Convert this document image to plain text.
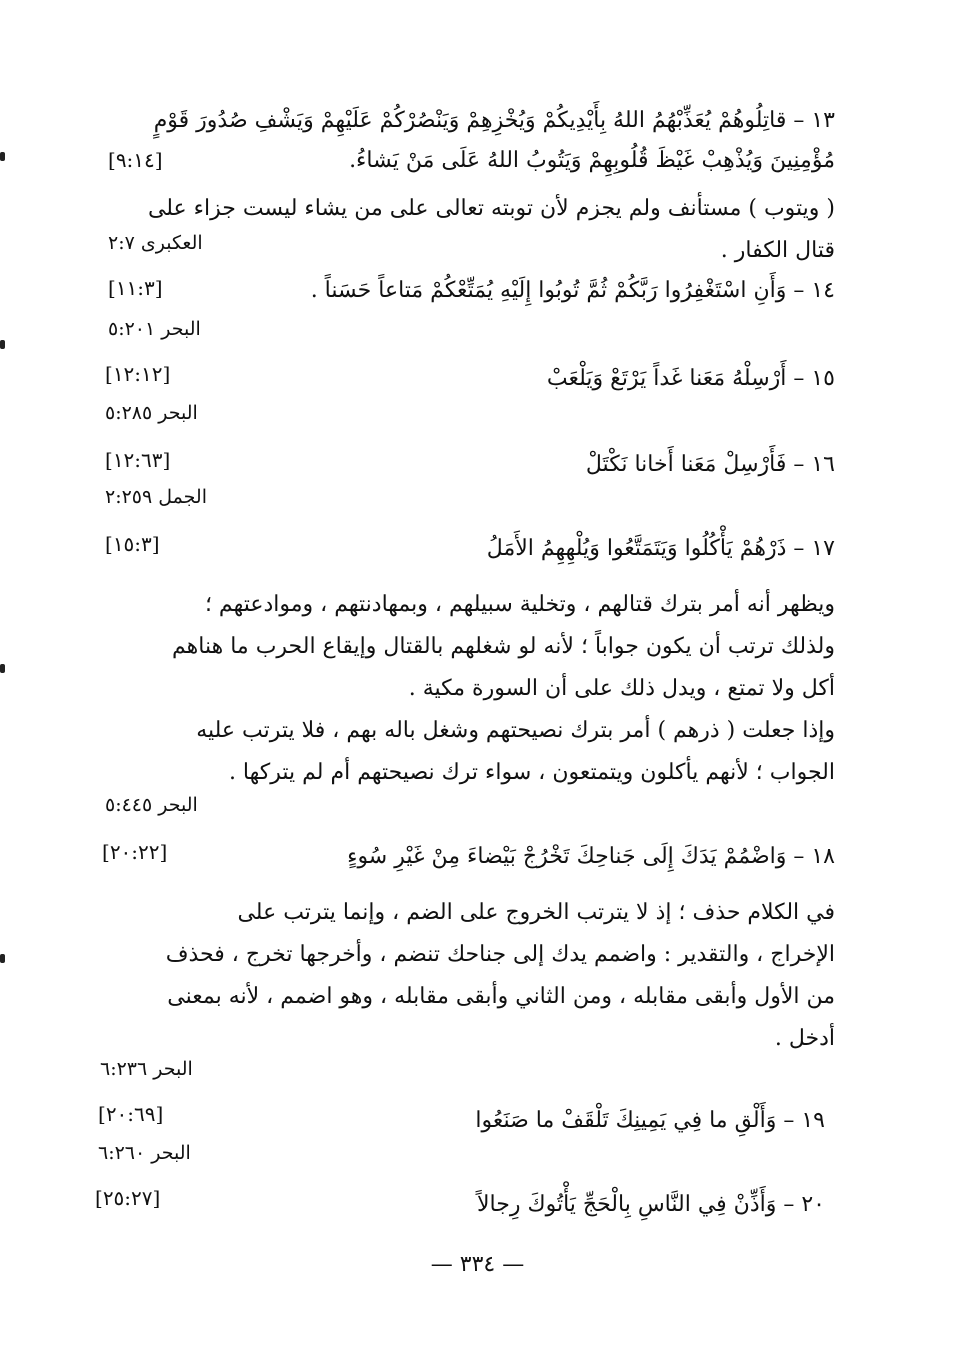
١٣ – قاتِلُوهُمْ يُعَذِّبْهُمُ اللهُ بِأَيْدِيكُمْ وَيُخْزِهِمْ وَيَنْصُرْكُمْ عَلَيْهِمْ وَيَشْفِ صُدُورَ قَوْمٍ
مُؤْمِنِينَ وَيُذْهِبْ غَيْظَ قُلُوبِهِمْ وَيَتُوبُ اللهُ عَلَى مَنْ يَشاءُ.
[٩:١٤]
( ويتوب ) مستأنف ولم يجزم لأن توبته تعالى على من يشاء ليست جزاء على
العكبرى ٢:٧	قتال الكفار .
١٤ – وَأَنِ اسْتَغْفِرُوا رَبَّكُمْ ثُمَّ تُوبُوا إِلَيْهِ يُمَتِّعْكُمْ مَتاعاً حَسَناً .
[١١:٣]
البحر ٥:٢٠١
١٥ – أَرْسِلْهُ مَعَنا غَداً يَرْتَعْ وَيَلْعَبْ
[١٢:١٢]
البحر ٥:٢٨٥
١٦ – فَأَرْسِلْ مَعَنا أَخانا نَكْتَلْ
[١٢:٦٣]
الجمل ٢:٢٥٩
١٧ – ذَرْهُمْ يَأْكُلُوا وَيَتَمَتَّعُوا وَيُلْهِهِمُ الأَمَلُ
[١٥:٣]
ويظهر أنه أمر بترك قتالهم ، وتخلية سبيلهم ، وبمهادنتهم ، وموادعتهم ؛
ولذلك ترتب أن يكون جواباً ؛ لأنه لو شغلهم بالقتال وإيقاع الحرب ما هناهم
أكل ولا تمتع ، ويدل ذلك على أن السورة مكية .
وإذا جعلت ( ذرهم ) أمر بترك نصيحتهم وشغل باله بهم ، فلا يترتب عليه
الجواب ؛ لأنهم يأكلون ويتمتعون ، سواء ترك نصيحتهم أم لم يتركها .
البحر ٥:٤٤٥
١٨ – وَاضْمُمْ يَدَكَ إِلَى جَناحِكَ تَخْرُجْ بَيْضاءَ مِنْ غَيْرِ سُوءٍ
[٢٠:٢٢]
في الكلام حذف ؛ إذ لا يترتب الخروج على الضم ، وإنما يترتب على
الإخراج ، والتقدير : واضمم يدك إلى جناحك تنضم ، وأخرجها تخرج ، فحذف
من الأول وأبقى مقابله ، ومن الثاني وأبقى مقابله ، وهو اضمم ، لأنه بمعنى
أدخل .
البحر ٦:٢٣٦
١٩ – وَأَلْقِ ما فِي يَمِينِكَ تَلْقَفْ ما صَنَعُوا
[٢٠:٦٩]
البحر ٦:٢٦٠
٢٠ – وَأَذِّنْ فِي النَّاسِ بِالْحَجِّ يَأْتُوكَ رِجالاً
[٢٥:٢٧]
— ٣٣٤ —
